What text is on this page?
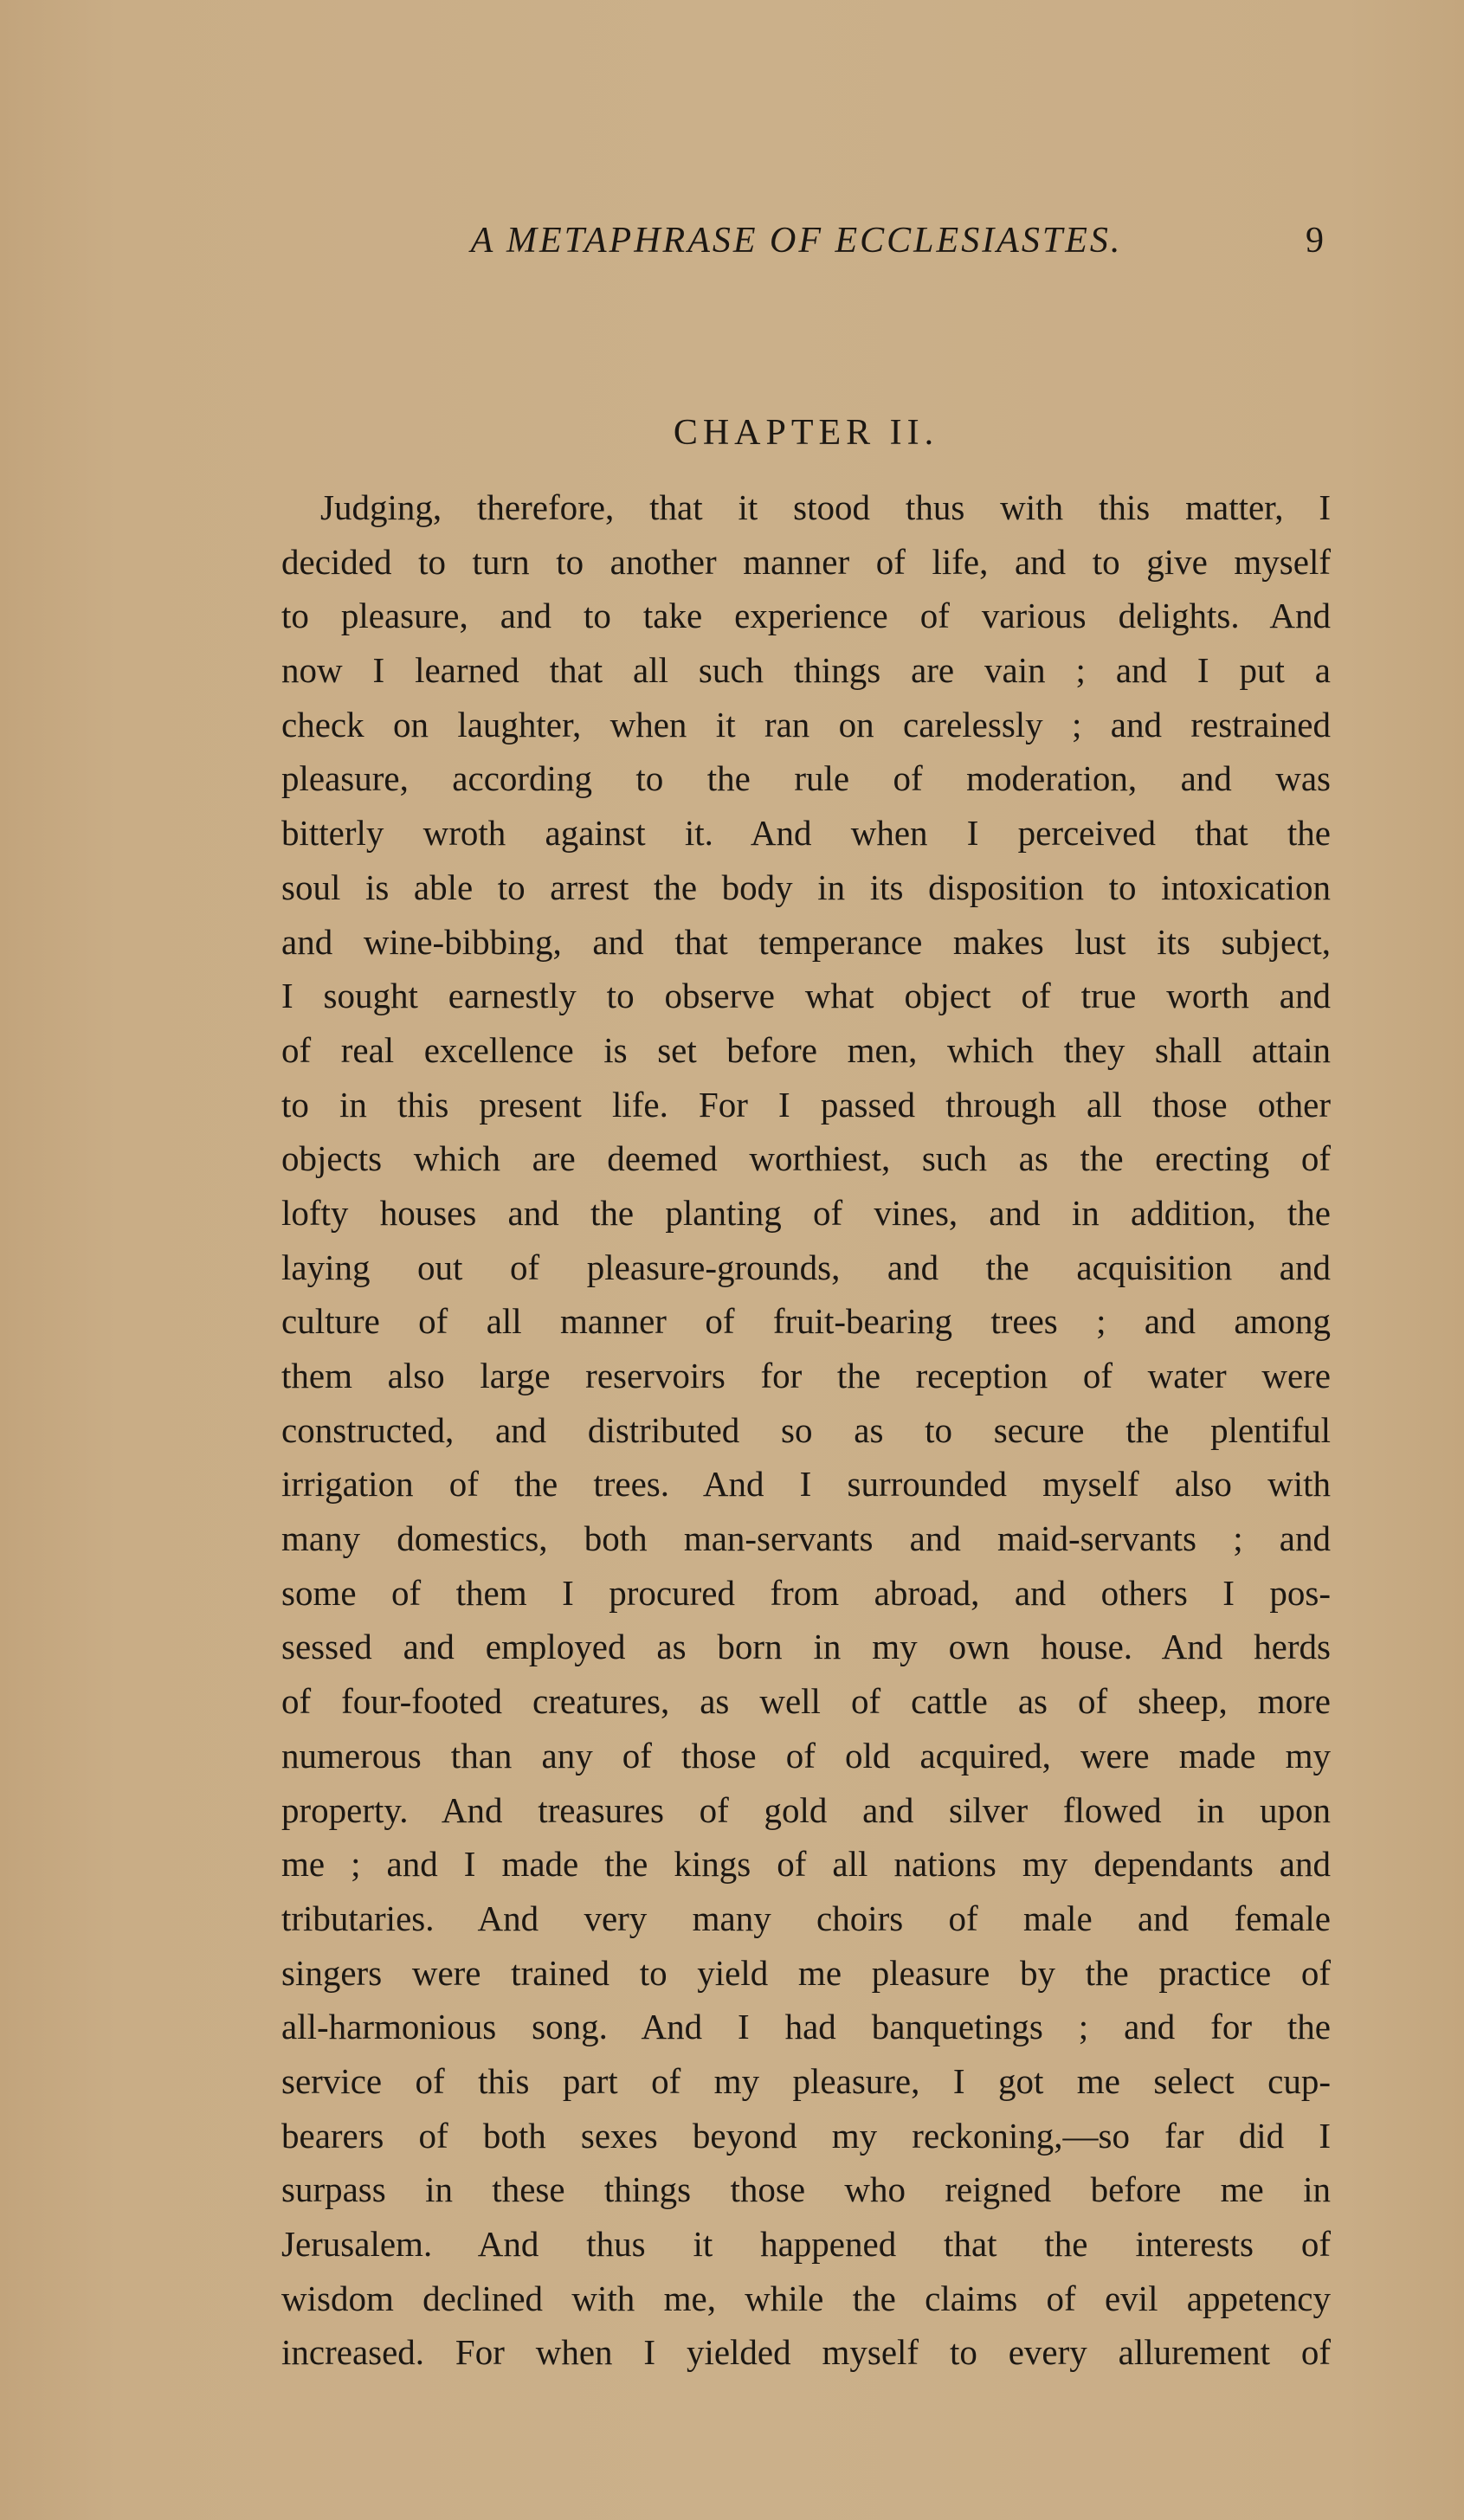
A METAPHRASE OF ECCLESIASTES.	9
CHAPTER II.
Judging, therefore, that it stood thus with this matter, I
decided to turn to another manner of life, and to give myself
to pleasure, and to take experience of various delights. And
now I learned that all such things are vain ; and I put a
check on laughter, when it ran on carelessly ; and restrained
pleasure, according to the rule of moderation, and was
bitterly wroth against it. And when I perceived that the
soul is able to arrest the body in its disposition to intoxication
and wine-bibbing, and that temperance makes lust its subject,
I sought earnestly to observe what object of true worth and
of real excellence is set before men, which they shall attain
to in this present life. For I passed through all those other
objects which are deemed worthiest, such as the erecting of
lofty houses and the planting of vines, and in addition, the
laying out of pleasure-grounds, and the acquisition and
culture of all manner of fruit-bearing trees ; and among
them also large reservoirs for the reception of water were
constructed, and distributed so as to secure the plentiful
irrigation of the trees. And I surrounded myself also with
many domestics, both man-servants and maid-servants ; and
some of them I procured from abroad, and others I pos-
sessed and employed as born in my own house. And herds
of four-footed creatures, as well of cattle as of sheep, more
numerous than any of those of old acquired, were made my
property. And treasures of gold and silver flowed in upon
me ; and I made the kings of all nations my dependants and
tributaries. And very many choirs of male and female
singers were trained to yield me pleasure by the practice of
all-harmonious song. And I had banquetings ; and for the
service of this part of my pleasure, I got me select cup-
bearers of both sexes beyond my reckoning,—so far did I
surpass in these things those who reigned before me in
Jerusalem. And thus it happened that the interests of
wisdom declined with me, while the claims of evil appetency
increased. For when I yielded myself to every allurement of
